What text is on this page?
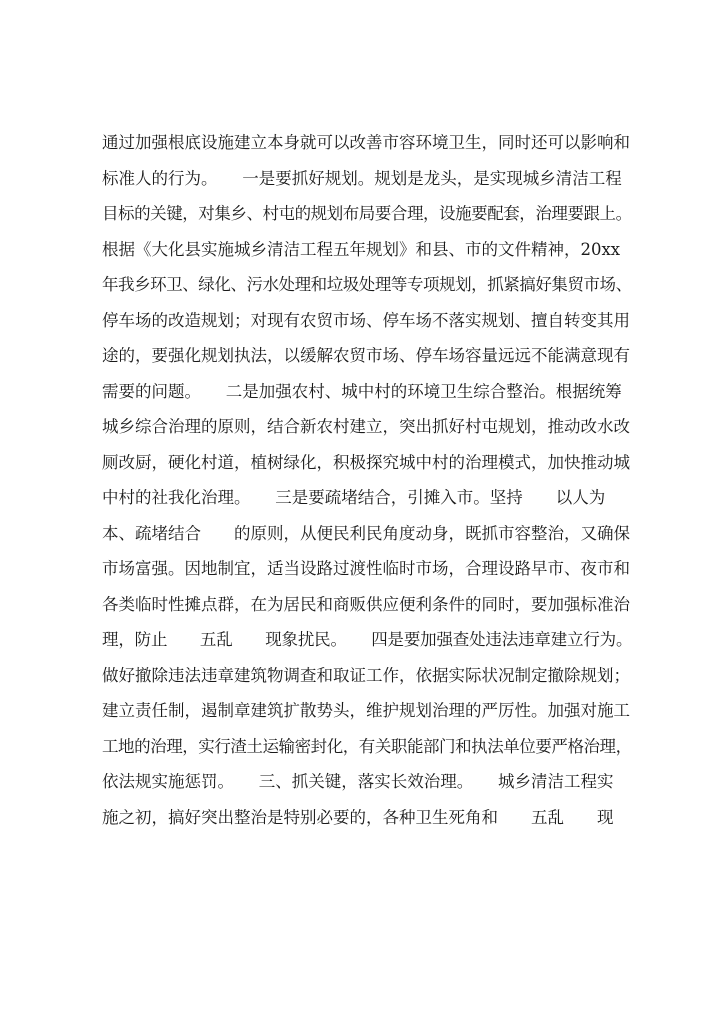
通过加强根底设施建立本身就可以改善市容环境卫生，同时还可以影响和
标准人的行为。　　一是要抓好规划。规划是龙头，是实现城乡清洁工程
目标的关键，对集乡、村屯的规划布局要合理，设施要配套，治理要跟上。
根据《大化县实施城乡清洁工程五年规划》和县、市的文件精神，20xx
年我乡环卫、绿化、污水处理和垃圾处理等专项规划，抓紧搞好集贸市场、
停车场的改造规划；对现有农贸市场、停车场不落实规划、擅自转变其用
途的，要强化规划执法，以缓解农贸市场、停车场容量远远不能满意现有
需要的问题。　　二是加强农村、城中村的环境卫生综合整治。根据统筹
城乡综合治理的原则，结合新农村建立，突出抓好村屯规划，推动改水改
厕改厨，硬化村道，植树绿化，积极探究城中村的治理模式，加快推动城
中村的社我化治理。　　三是要疏堵结合，引摊入市。坚持　　以人为
本、疏堵结合　　的原则，从便民利民角度动身，既抓市容整治，又确保
市场富强。因地制宜，适当设路过渡性临时市场，合理设路早市、夜市和
各类临时性摊点群，在为居民和商贩供应便利条件的同时，要加强标准治
理，防止　　五乱　　现象扰民。　　四是要加强查处违法违章建立行为。
做好撤除违法违章建筑物调查和取证工作，依据实际状况制定撤除规划；
建立责任制，遏制章建筑扩散势头，维护规划治理的严厉性。加强对施工
工地的治理，实行渣土运输密封化，有关职能部门和执法单位要严格治理，
依法规实施惩罚。　　三、抓关键，落实长效治理。　　城乡清洁工程实
施之初，搞好突出整治是特别必要的，各种卫生死角和　　五乱　　现
